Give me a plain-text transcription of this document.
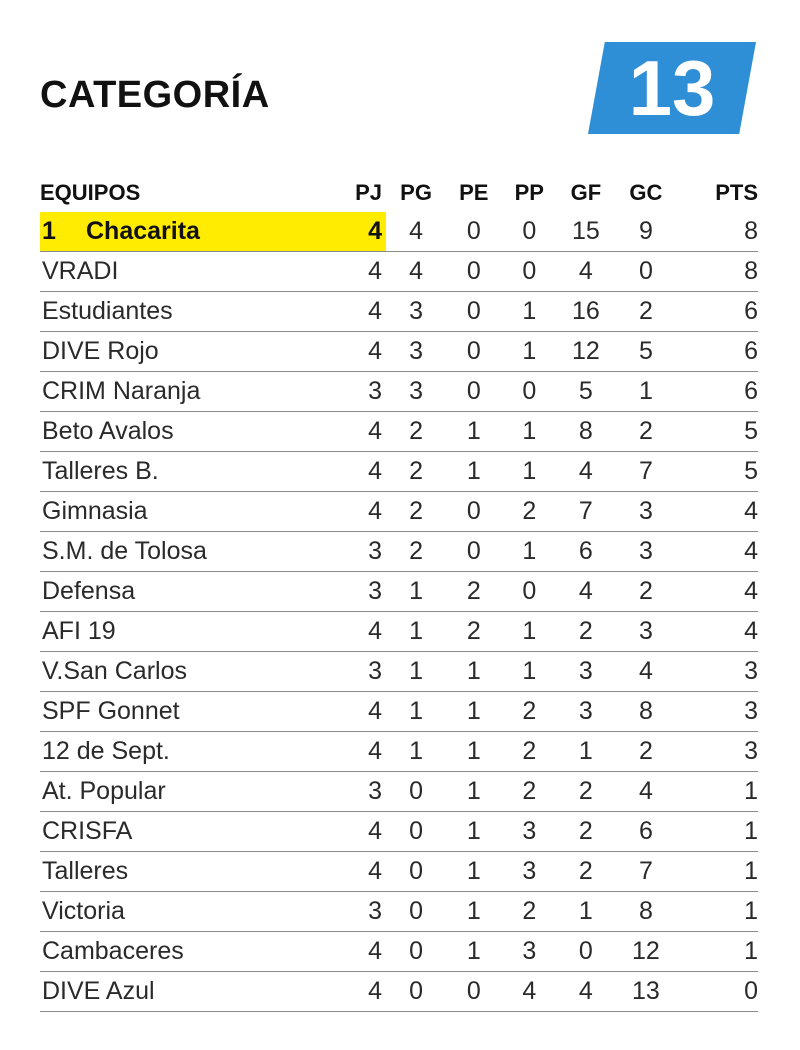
CATEGORÍA	13
EQUIPOS	PJ	PG	PE	PP	GF	GC	PTS
1 Chacarita	4	4	0	0	15	9	8
VRADI	4	4	0	0	4	0	8
Estudiantes	4	3	0	1	16	2	6
DIVE Rojo	4	3	0	1	12	5	6
CRIM Naranja	3	3	0	0	5	1	6
Beto Avalos	4	2	1	1	8	2	5
Talleres B.	4	2	1	1	4	7	5
Gimnasia	4	2	0	2	7	3	4
S.M. de Tolosa	3	2	0	1	6	3	4
Defensa	3	1	2	0	4	2	4
AFI 19	4	1	2	1	2	3	4
V.San Carlos	3	1	1	1	3	4	3
SPF Gonnet	4	1	1	2	3	8	3
12 de Sept.	4	1	1	2	1	2	3
At. Popular	3	0	1	2	2	4	1
CRISFA	4	0	1	3	2	6	1
Talleres	4	0	1	3	2	7	1
Victoria	3	0	1	2	1	8	1
Cambaceres	4	0	1	3	0	12	1
DIVE Azul	4	0	0	4	4	13	0
